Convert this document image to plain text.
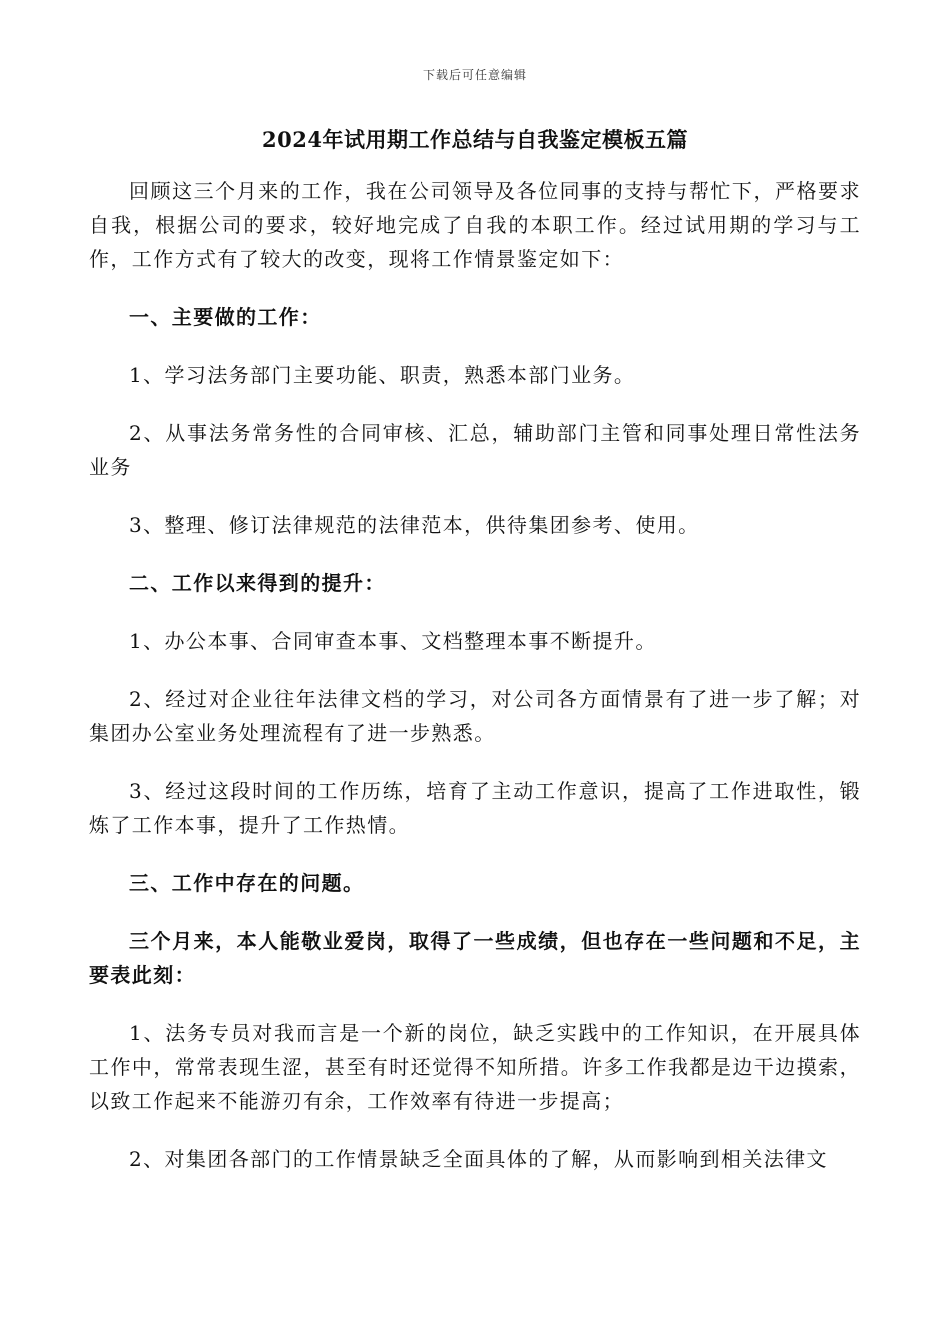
下载后可任意编辑
2024年试用期工作总结与自我鉴定模板五篇

回顾这三个月来的工作，我在公司领导及各位同事的支持与帮忙下，严格要求自我，根据公司的要求，较好地完成了自我的本职工作。经过试用期的学习与工作，工作方式有了较大的改变，现将工作情景鉴定如下：

一、主要做的工作：

1、学习法务部门主要功能、职责，熟悉本部门业务。

2、从事法务常务性的合同审核、汇总，辅助部门主管和同事处理日常性法务业务

3、整理、修订法律规范的法律范本，供待集团参考、使用。

二、工作以来得到的提升：

1、办公本事、合同审查本事、文档整理本事不断提升。

2、经过对企业往年法律文档的学习，对公司各方面情景有了进一步了解；对集团办公室业务处理流程有了进一步熟悉。

3、经过这段时间的工作历练，培育了主动工作意识，提高了工作进取性，锻炼了工作本事，提升了工作热情。

三、工作中存在的问题。

三个月来，本人能敬业爱岗，取得了一些成绩，但也存在一些问题和不足，主要表此刻：

1、法务专员对我而言是一个新的岗位，缺乏实践中的工作知识，在开展具体工作中，常常表现生涩，甚至有时还觉得不知所措。许多工作我都是边干边摸索，以致工作起来不能游刃有余，工作效率有待进一步提高；

2、对集团各部门的工作情景缺乏全面具体的了解，从而影响到相关法律文
